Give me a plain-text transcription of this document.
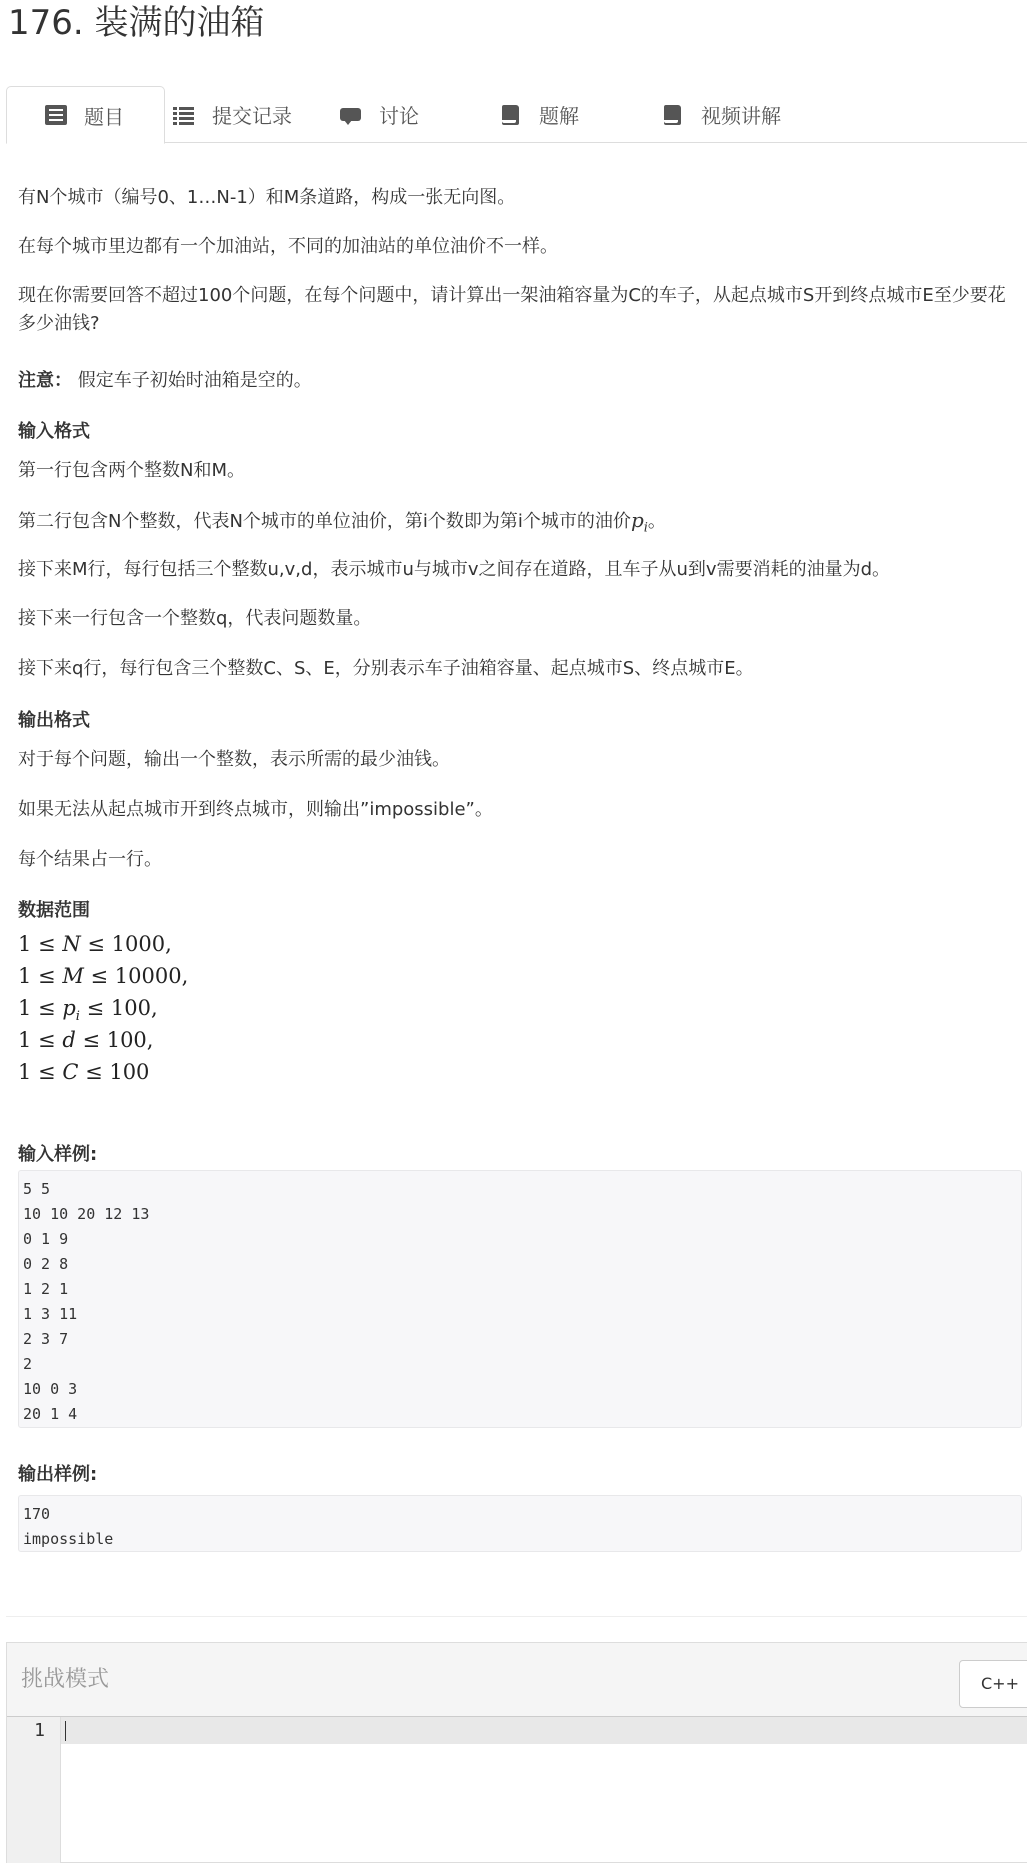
176. 装满的油箱
题目	提交记录	讨论	题解	视频讲解

有N个城市（编号0、1…N-1）和M条道路，构成一张无向图。

在每个城市里边都有一个加油站，不同的加油站的单位油价不一样。

现在你需要回答不超过100个问题，在每个问题中，请计算出一架油箱容量为C的车子，从起点城市S开到终点城市E至少要花多少油钱?

注意： 假定车子初始时油箱是空的。

输入格式

第一行包含两个整数N和M。

第二行包含N个整数，代表N个城市的单位油价，第i个数即为第i个城市的油价$p_i$。

接下来M行，每行包括三个整数u,v,d，表示城市u与城市v之间存在道路，且车子从u到v需要消耗的油量为d。

接下来一行包含一个整数q，代表问题数量。

接下来q行，每行包含三个整数C、S、E，分别表示车子油箱容量、起点城市S、终点城市E。

输出格式

对于每个问题，输出一个整数，表示所需的最少油钱。

如果无法从起点城市开到终点城市，则输出”impossible”。

每个结果占一行。

数据范围

1 ≤ N ≤ 1000,
1 ≤ M ≤ 10000,
$1 \le p_i \le 100$,
1 ≤ d ≤ 100,
1 ≤ C ≤ 100

输入样例:

输出样例:

5 5
10 10 20 12 13
0 1 9
0 2 8
1 2 1
1 3 11
2 3 7
2
10 0 3
20 1 4
170
impossible
挑战模式	C++
1
